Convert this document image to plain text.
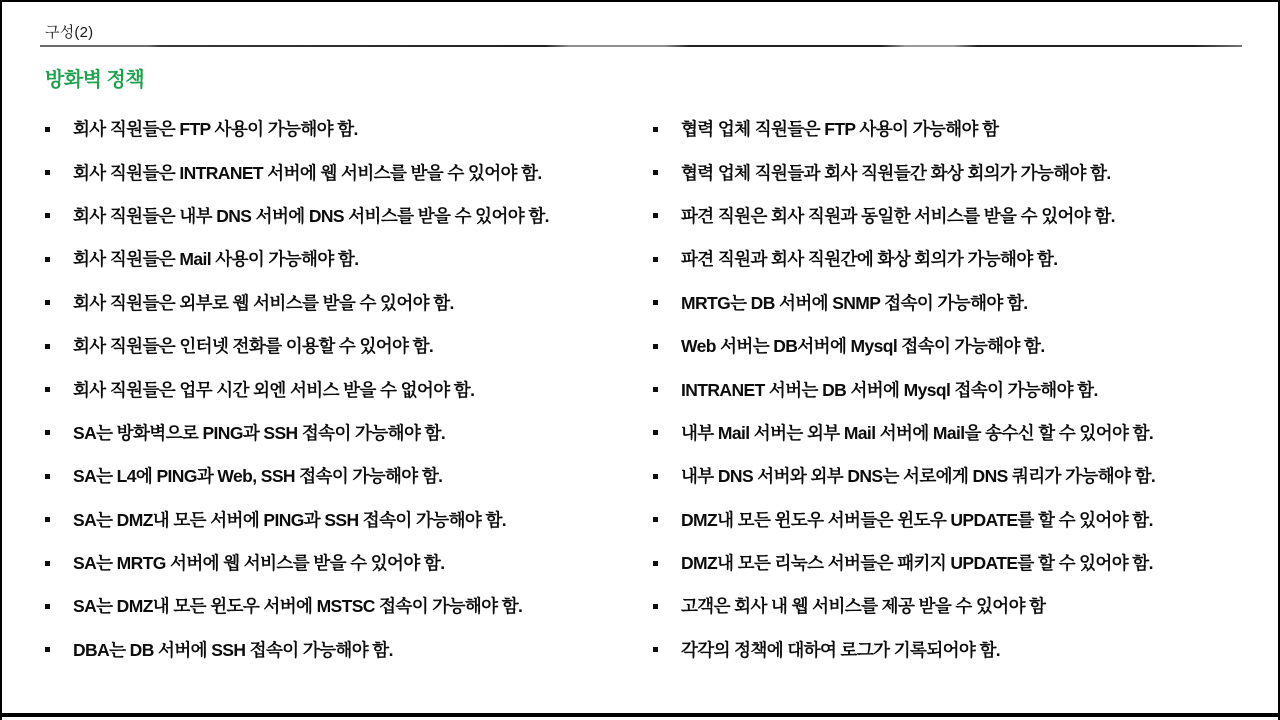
구성(2)
방화벽 정책
회사 직원들은 FTP 사용이 가능해야 함.
회사 직원들은 INTRANET 서버에 웹 서비스를 받을 수 있어야 함.
회사 직원들은 내부 DNS 서버에 DNS 서비스를 받을 수 있어야 함.
회사 직원들은 Mail 사용이 가능해야 함.
회사 직원들은 외부로 웹 서비스를 받을 수 있어야 함.
회사 직원들은 인터넷 전화를 이용할 수 있어야 함.
회사 직원들은 업무 시간 외엔 서비스 받을 수 없어야 함.
SA는 방화벽으로 PING과 SSH 접속이 가능해야 함.
SA는 L4에 PING과 Web, SSH 접속이 가능해야 함.
SA는 DMZ내 모든 서버에 PING과 SSH 접속이 가능해야 함.
SA는 MRTG 서버에 웹 서비스를 받을 수 있어야 함.
SA는 DMZ내 모든 윈도우 서버에 MSTSC 접속이 가능해야 함.
DBA는 DB 서버에 SSH 접속이 가능해야 함.
협력 업체 직원들은 FTP 사용이 가능해야 함
협력 업체 직원들과 회사 직원들간 화상 회의가 가능해야 함.
파견 직원은 회사 직원과 동일한 서비스를 받을 수 있어야 함.
파견 직원과 회사 직원간에 화상 회의가 가능해야 함.
MRTG는 DB 서버에 SNMP 접속이 가능해야 함.
Web 서버는 DB서버에 Mysql 접속이 가능해야 함.
INTRANET 서버는 DB 서버에 Mysql 접속이 가능해야 함.
내부 Mail 서버는 외부 Mail 서버에 Mail을 송수신 할 수 있어야 함.
내부 DNS 서버와 외부 DNS는 서로에게 DNS 쿼리가 가능해야 함.
DMZ내 모든 윈도우 서버들은 윈도우 UPDATE를 할 수 있어야 함.
DMZ내 모든 리눅스 서버들은 패키지 UPDATE를 할 수 있어야 함.
고객은 회사 내 웹 서비스를 제공 받을 수 있어야 함
각각의 정책에 대하여 로그가 기록되어야 함.
